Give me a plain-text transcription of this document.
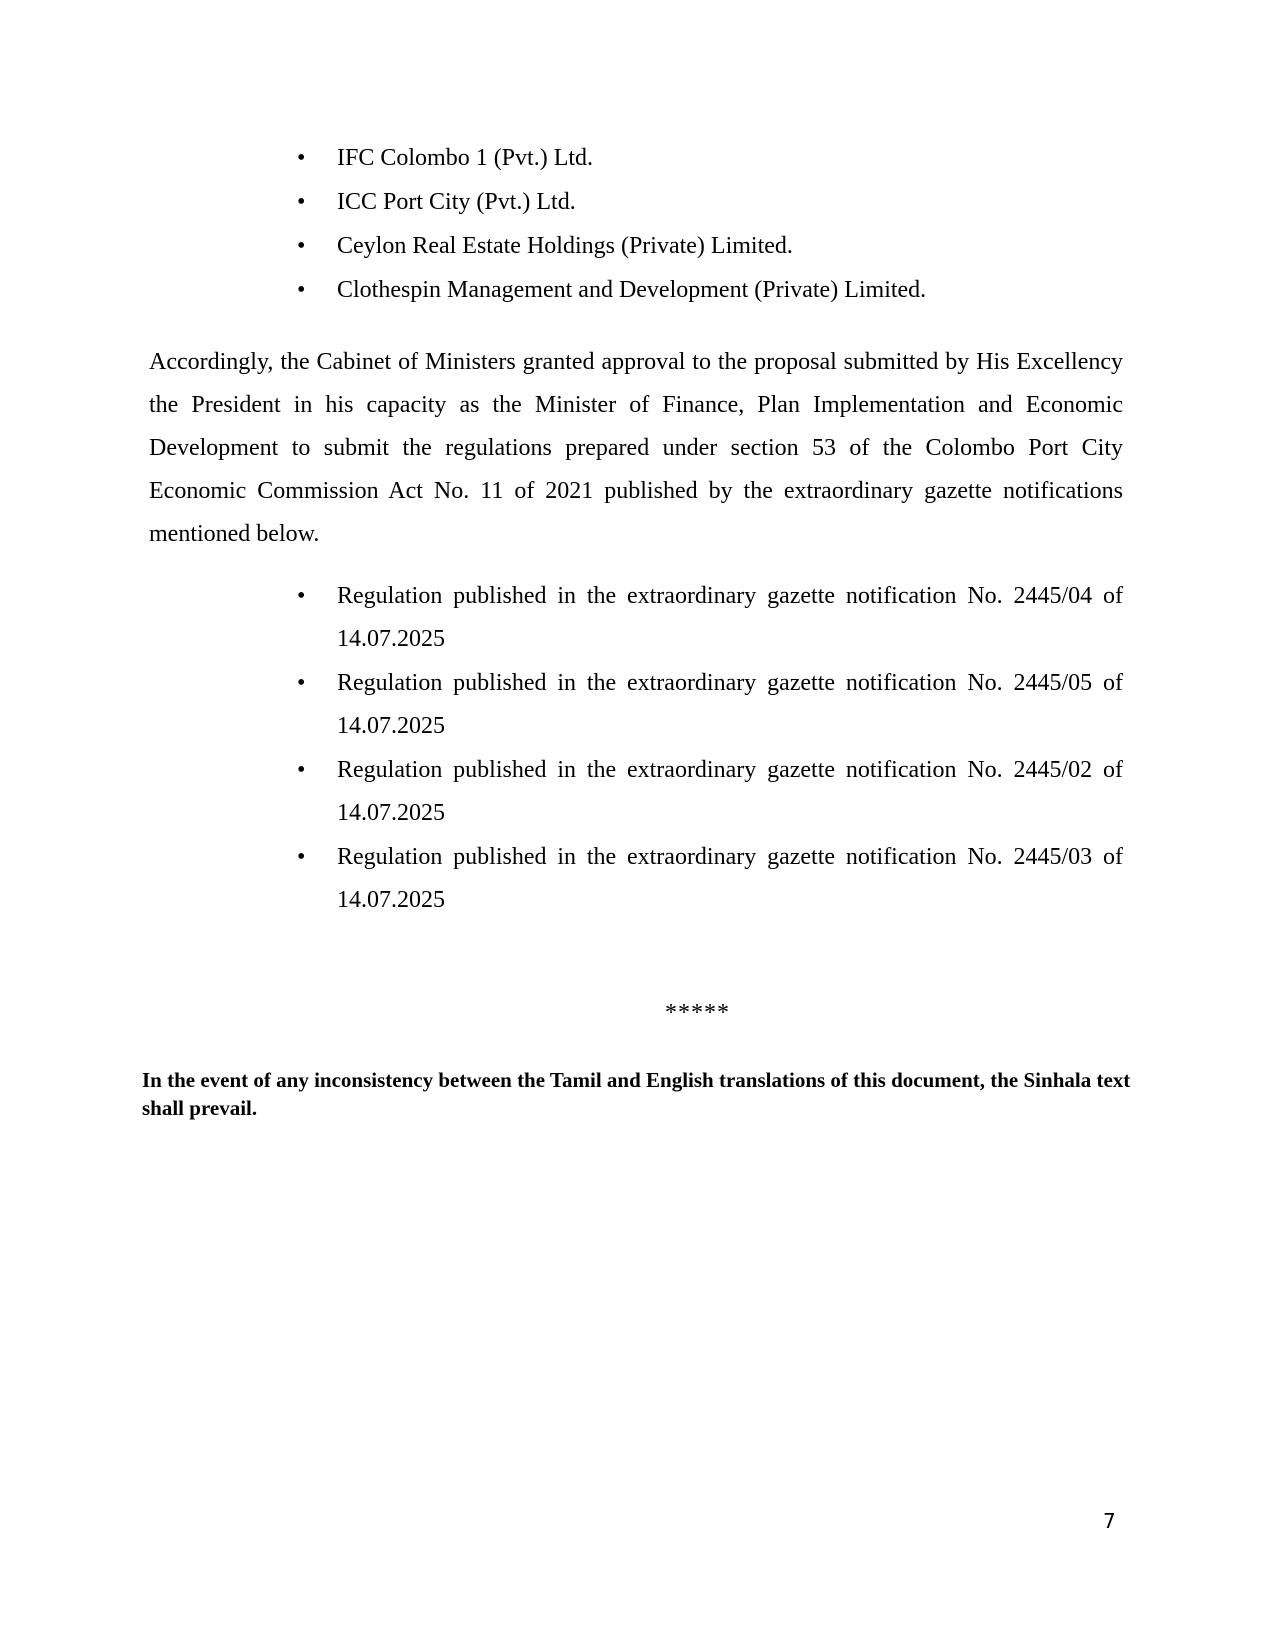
• IFC Colombo 1 (Pvt.) Ltd.
• ICC Port City (Pvt.) Ltd.
• Ceylon Real Estate Holdings (Private) Limited.
• Clothespin Management and Development (Private) Limited.

Accordingly, the Cabinet of Ministers granted approval to the proposal submitted by His Excellency the President in his capacity as the Minister of Finance, Plan Implementation and Economic Development to submit the regulations prepared under section 53 of the Colombo Port City Economic Commission Act No. 11 of 2021 published by the extraordinary gazette notifications mentioned below.

• Regulation published in the extraordinary gazette notification No. 2445/04 of 14.07.2025
• Regulation published in the extraordinary gazette notification No. 2445/05 of 14.07.2025
• Regulation published in the extraordinary gazette notification No. 2445/02 of 14.07.2025
• Regulation published in the extraordinary gazette notification No. 2445/03 of 14.07.2025
*****

In the event of any inconsistency between the Tamil and English translations of this document, the Sinhala text shall prevail.

7
